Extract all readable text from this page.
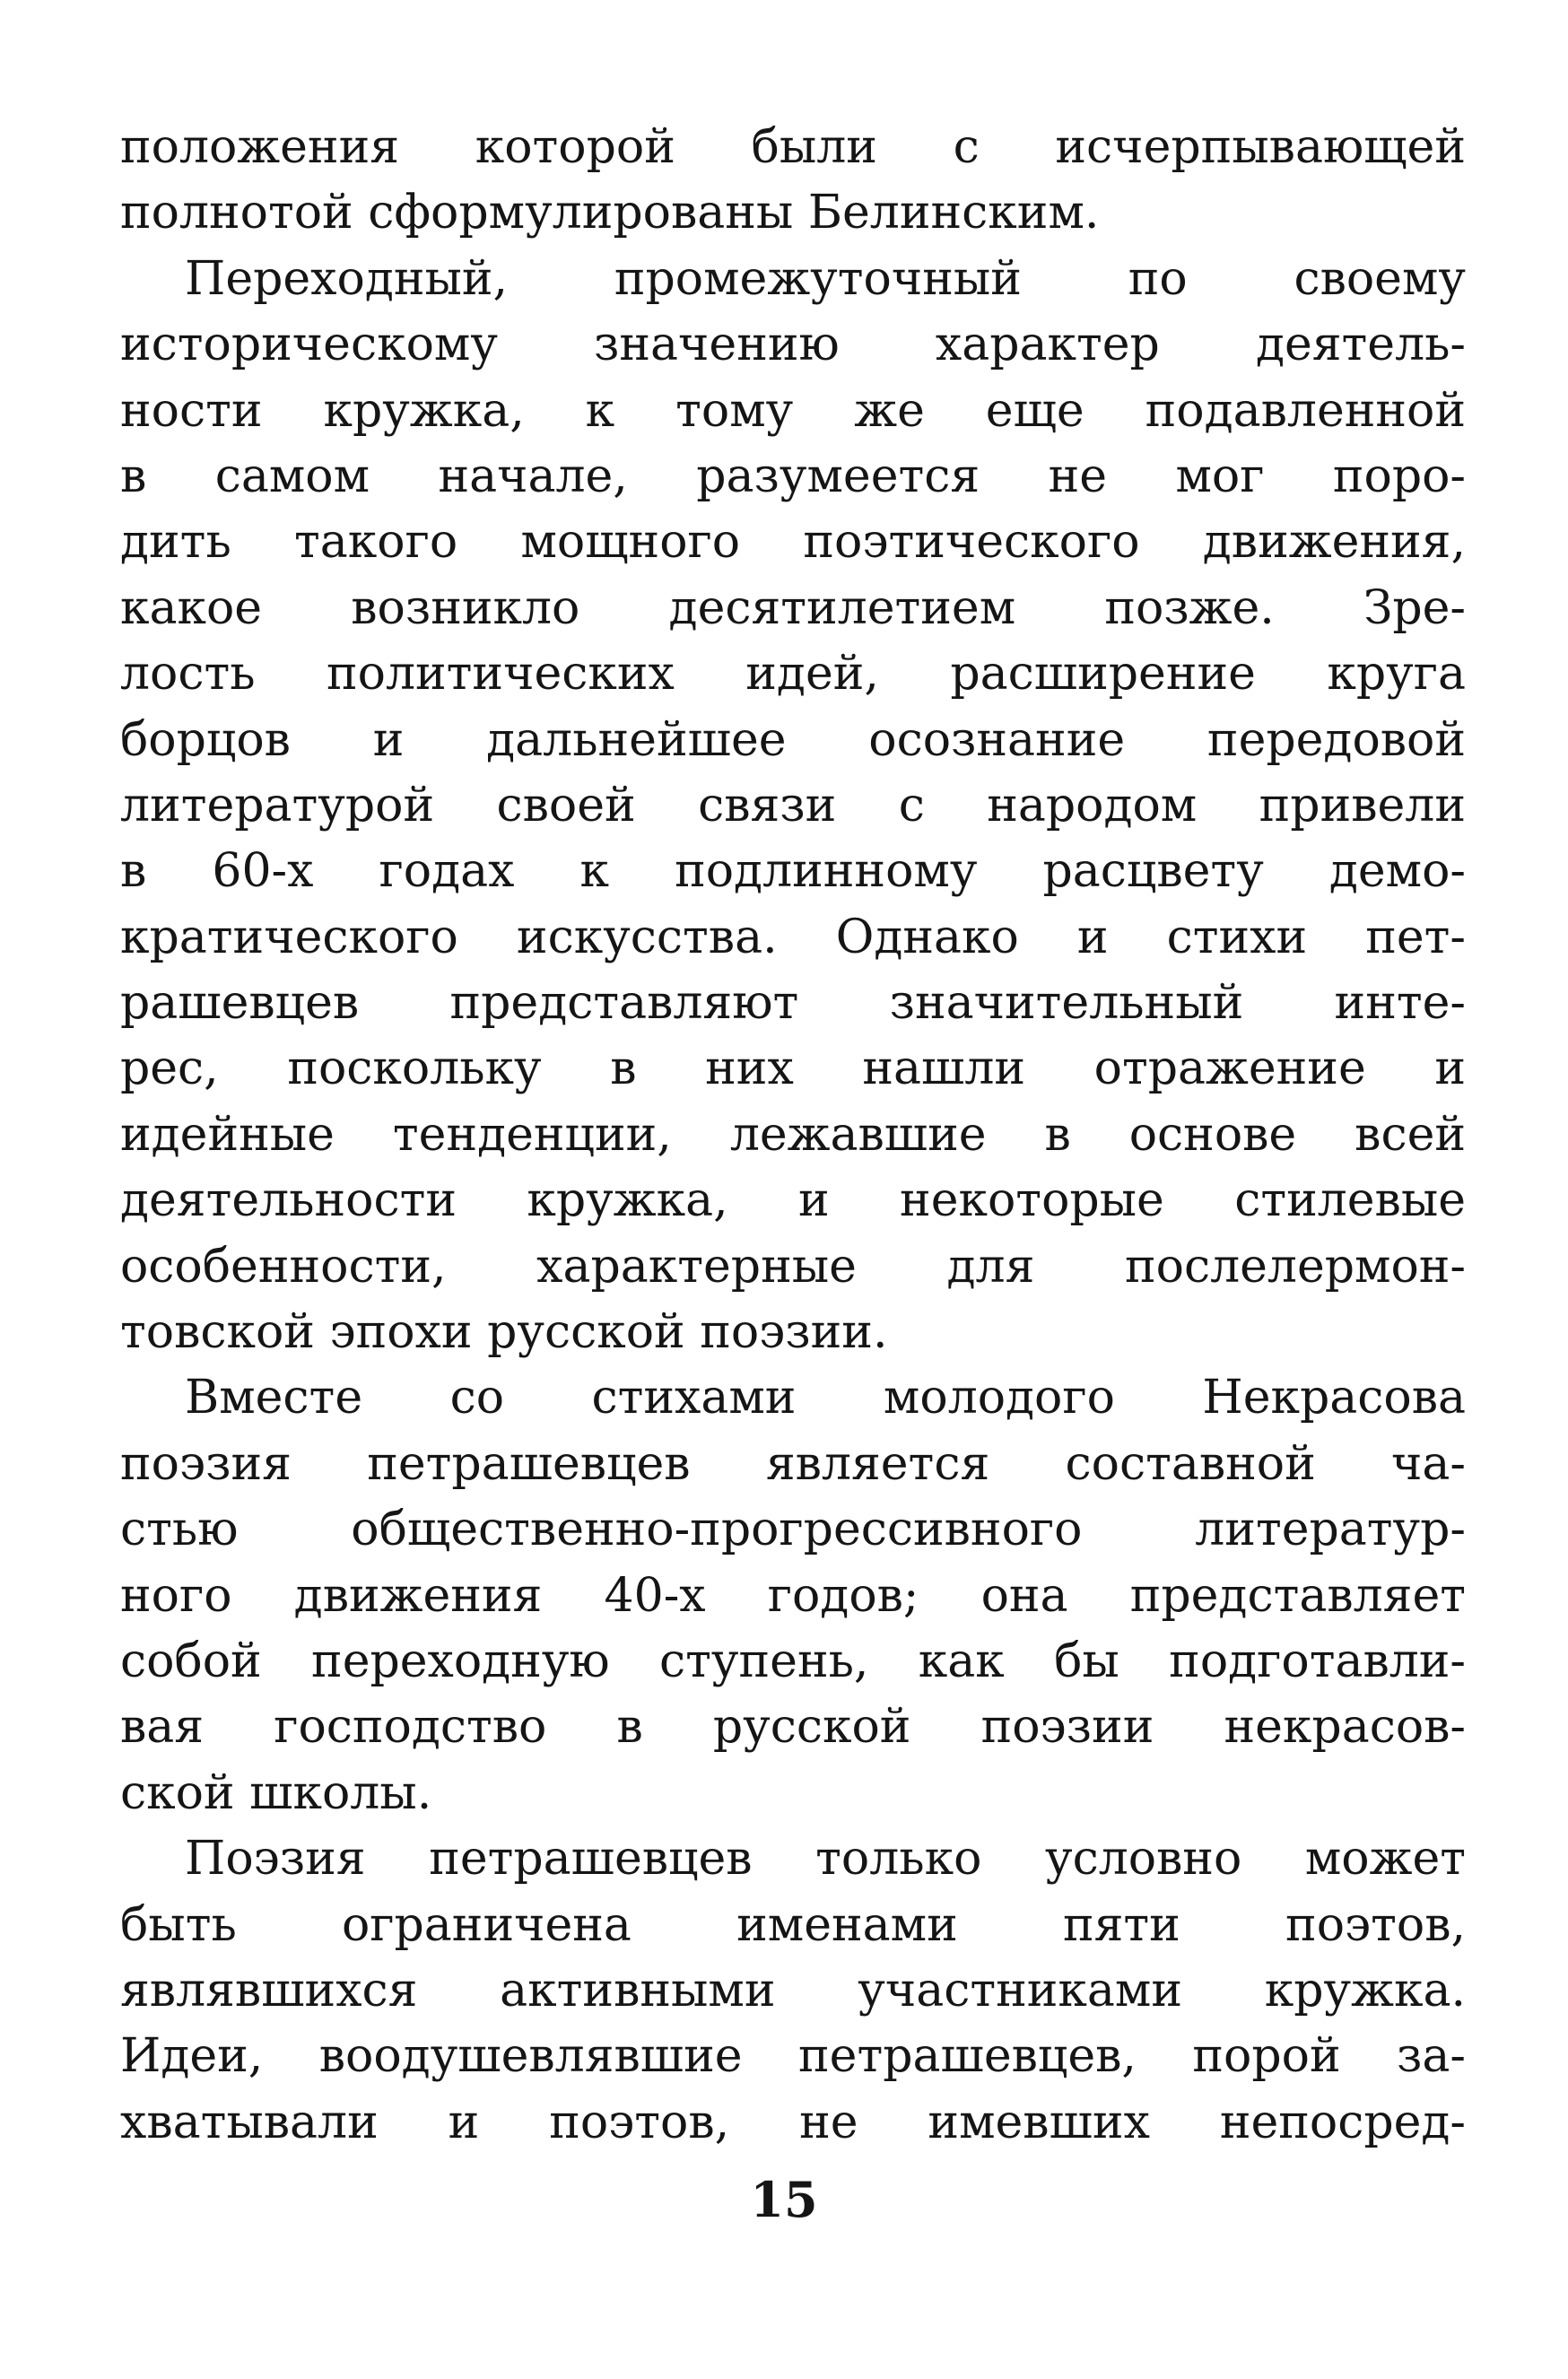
положения которой были с исчерпывающей
полнотой сформулированы Белинским.

Переходный, промежуточный по своему
историческому значению характер деятель-
ности кружка, к тому же еще подавленной
в самом начале, разумеется не мог поро-
дить такого мощного поэтического движения,
какое возникло десятилетием позже. Зре-
лость политических идей, расширение круга
борцов и дальнейшее осознание передовой
литературой своей связи с народом привели
в 60-х годах к подлинному расцвету демо-
кратического искусства. Однако и стихи пет-
рашевцев представляют значительный инте-
рес, поскольку в них нашли отражение и
идейные тенденции, лежавшие в основе всей
деятельности кружка, и некоторые стилевые
особенности, характерные для послелермон-
товской эпохи русской поэзии.

Вместе со стихами молодого Некрасова
поэзия петрашевцев является составной ча-
стью общественно-прогрессивного литератур-
ного движения 40-х годов; она представляет
собой переходную ступень, как бы подготавли-
вая господство в русской поэзии некрасов-
ской школы.

Поэзия петрашевцев только условно может
быть ограничена именами пяти поэтов,
являвшихся активными участниками кружка.
Идеи, воодушевлявшие петрашевцев, порой за-
хватывали и поэтов, не имевших непосред-

15
